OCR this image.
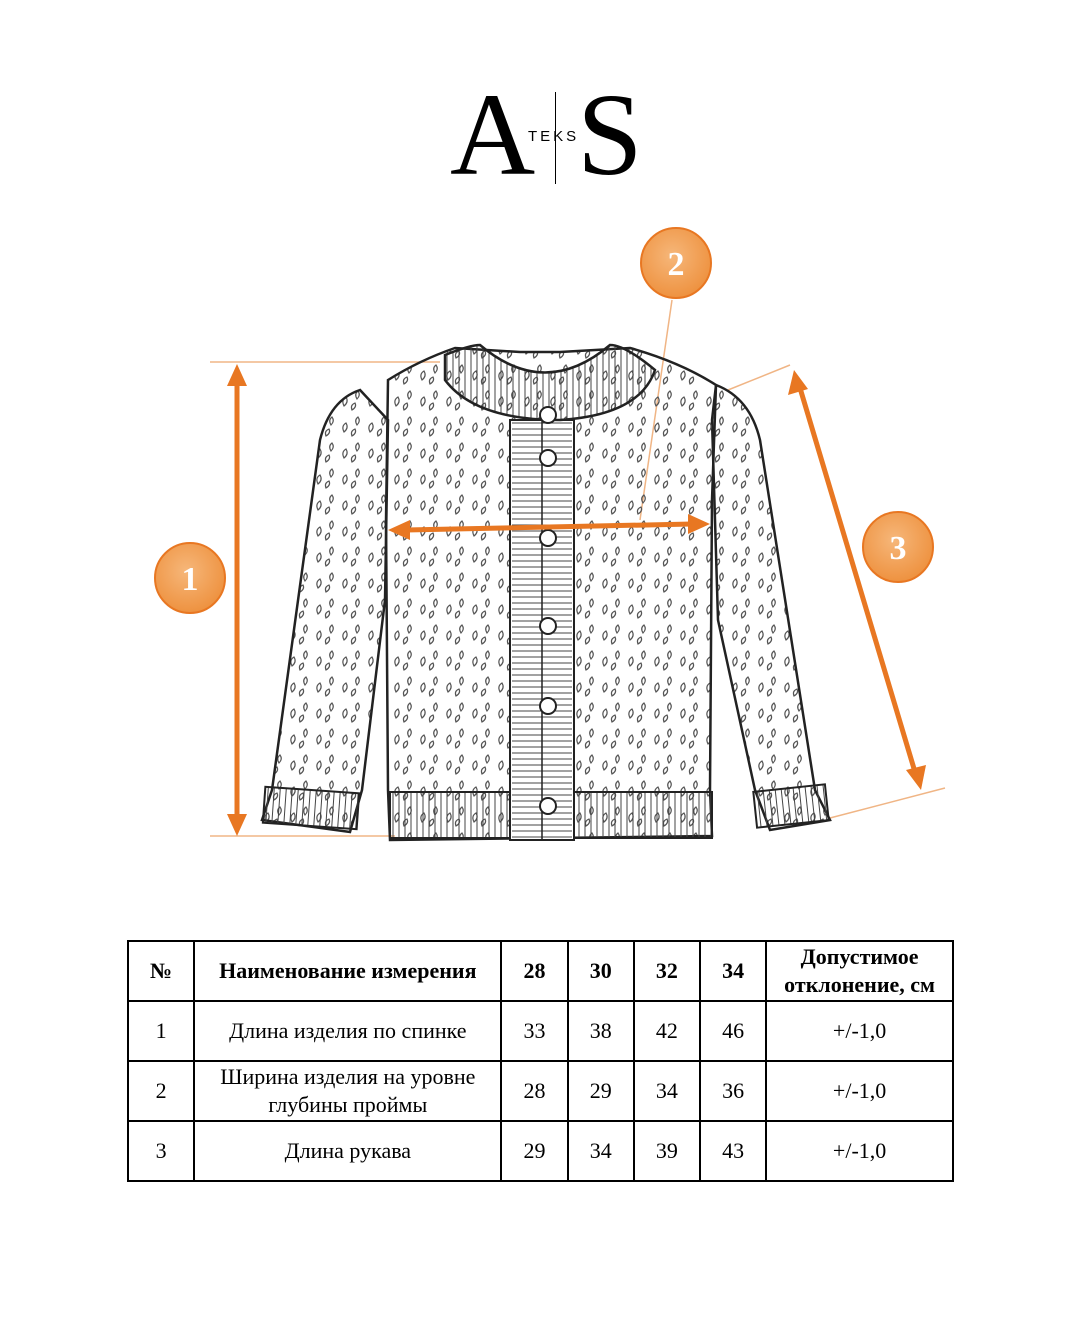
A
TEKS
S
1
2
3
№	Наименование измерения	28	30	32	34	Допустимое отклонение, см
1	Длина изделия по спинке	33	38	42	46	+/-1,0
2	Ширина изделия на уровне глубины проймы	28	29	34	36	+/-1,0
3	Длина рукава	29	34	39	43	+/-1,0
